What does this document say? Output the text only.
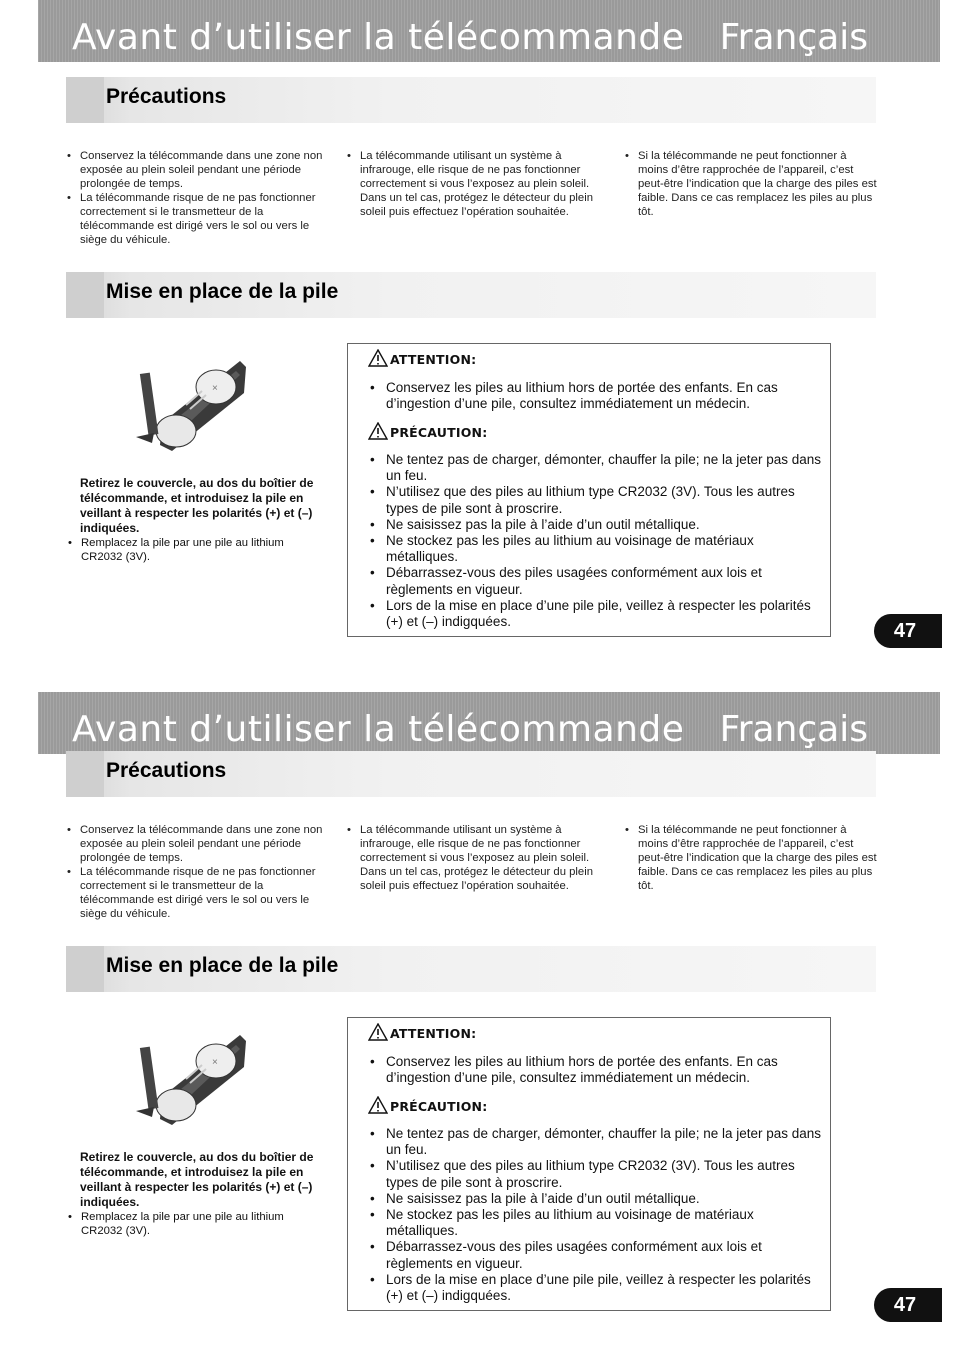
Avant d’utiliser la télécommande Français
Précautions
• Conservez la télécommande dans une zone non exposée au plein soleil pendant une période prolongée de temps.
• La télécommande risque de ne pas fonctionner correctement si le transmetteur de la télécommande est dirigé vers le sol ou vers le siège du véhicule.
• La télécommande utilisant un système à infrarouge, elle risque de ne pas fonctionner correctement si vous l’exposez au plein soleil. Dans un tel cas, protégez le détecteur du plein soleil puis effectuez l’opération souhaitée.
• Si la télécommande ne peut fonctionner à moins d’être rapprochée de l’appareil, c’est peut-être l’indication que la charge des piles est faible. Dans ce cas remplacez les piles au plus tôt.
Mise en place de la pile
×

Retirez le couvercle, au dos du boîtier de télécommande, et introduisez la pile en veillant à respecter les polarités (+) et (–) indiquées.

• Remplacez la pile par une pile au lithium CR2032 (3V).
ATTENTION:
• Conservez les piles au lithium hors de portée des enfants. En cas d’ingestion d’une pile, consultez immédiatement un médecin.
PRÉCAUTION:
• Ne tentez pas de charger, démonter, chauffer la pile; ne la jeter pas dans un feu.
• N’utilisez que des piles au lithium type CR2032 (3V). Tous les autres types de pile sont à proscrire.
• Ne saisissez pas la pile à l’aide d’un outil métallique.
• Ne stockez pas les piles au lithium au voisinage de matériaux métalliques.
• Débarrassez-vous des piles usagées conformément aux lois et règlements en vigueur.
• Lors de la mise en place d’une pile pile, veillez à respecter les polarités (+) et (–) indigquées.	47
Avant d’utiliser la télécommande Français
Précautions
• Conservez la télécommande dans une zone non exposée au plein soleil pendant une période prolongée de temps.
• La télécommande risque de ne pas fonctionner correctement si le transmetteur de la télécommande est dirigé vers le sol ou vers le siège du véhicule.
• La télécommande utilisant un système à infrarouge, elle risque de ne pas fonctionner correctement si vous l’exposez au plein soleil. Dans un tel cas, protégez le détecteur du plein soleil puis effectuez l’opération souhaitée.
• Si la télécommande ne peut fonctionner à moins d’être rapprochée de l’appareil, c’est peut-être l’indication que la charge des piles est faible. Dans ce cas remplacez les piles au plus tôt.
Mise en place de la pile
×

Retirez le couvercle, au dos du boîtier de télécommande, et introduisez la pile en veillant à respecter les polarités (+) et (–) indiquées.

• Remplacez la pile par une pile au lithium CR2032 (3V).
ATTENTION:
• Conservez les piles au lithium hors de portée des enfants. En cas d’ingestion d’une pile, consultez immédiatement un médecin.
PRÉCAUTION:
• Ne tentez pas de charger, démonter, chauffer la pile; ne la jeter pas dans un feu.
• N’utilisez que des piles au lithium type CR2032 (3V). Tous les autres types de pile sont à proscrire.
• Ne saisissez pas la pile à l’aide d’un outil métallique.
• Ne stockez pas les piles au lithium au voisinage de matériaux métalliques.
• Débarrassez-vous des piles usagées conformément aux lois et règlements en vigueur.
• Lors de la mise en place d’une pile pile, veillez à respecter les polarités (+) et (–) indigquées.	47
